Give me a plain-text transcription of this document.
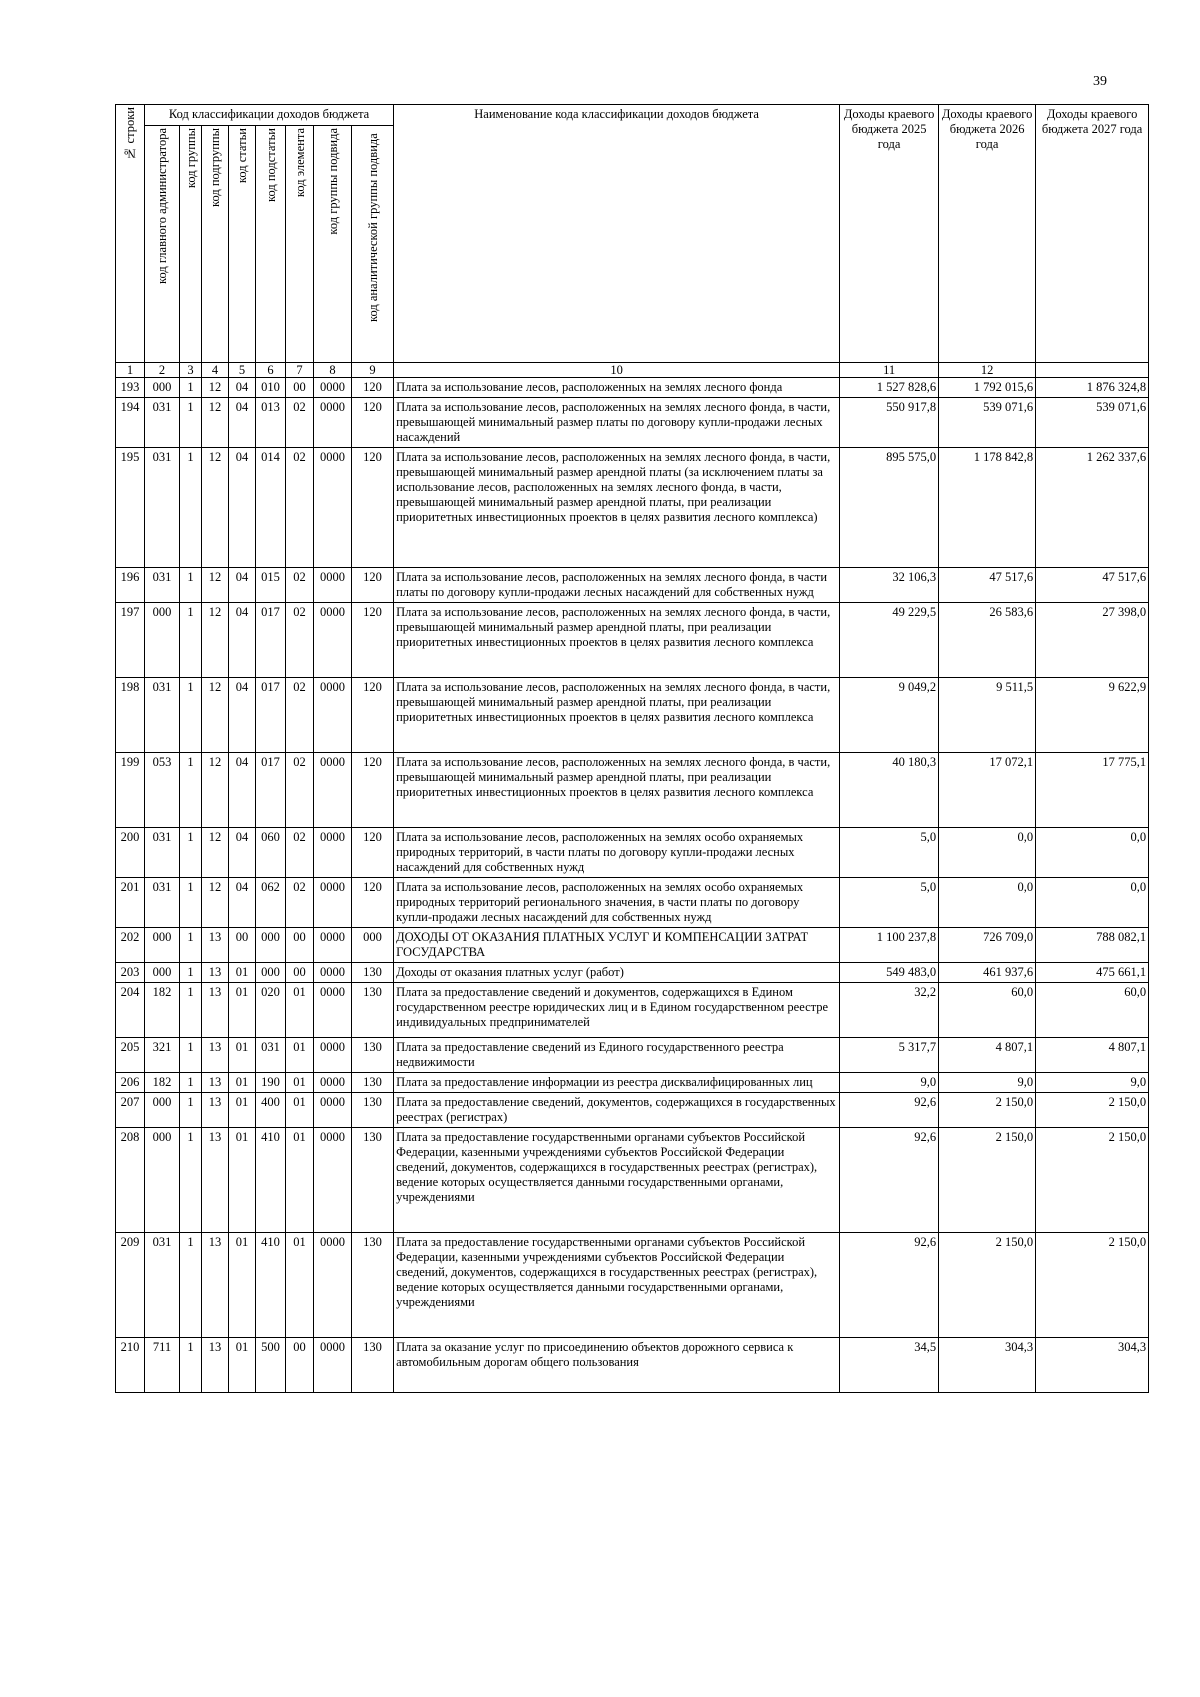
39
№ строки	Код классификации доходов бюджета								Наименование кода классификации доходов бюджета	Доходы краевого бюджета 2025 года	Доходы краевого бюджета 2026 года	Доходы краевого бюджета 2027 года

	код главного администратора	код группы	код подгруппы	код статьи	код подстатьи	код элемента	код группы подвида	код аналитической группы подвида				

1	2	3	4	5	6	7	8	9	10	11	12	
193	000	1	12	04	010	00	0000	120	Плата за использование лесов, расположенных на землях лесного фонда	1 527 828,6	1 792 015,6	1 876 324,8
194	031	1	12	04	013	02	0000	120	Плата за использование лесов, расположенных на землях лесного фонда, в части, превышающей минимальный размер платы по договору купли-продажи лесных насаждений	550 917,8	539 071,6	539 071,6
195	031	1	12	04	014	02	0000	120	Плата за использование лесов, расположенных на землях лесного фонда, в части, превышающей минимальный размер арендной платы (за исключением платы за использование лесов, расположенных на землях лесного фонда, в части, превышающей минимальный размер арендной платы, при реализации приоритетных инвестиционных проектов в целях развития лесного комплекса)	895 575,0	1 178 842,8	1 262 337,6
196	031	1	12	04	015	02	0000	120	Плата за использование лесов, расположенных на землях лесного фонда, в части платы по договору купли-продажи лесных насаждений для собственных нужд	32 106,3	47 517,6	47 517,6
197	000	1	12	04	017	02	0000	120	Плата за использование лесов, расположенных на землях лесного фонда, в части, превышающей минимальный размер арендной платы, при реализации приоритетных инвестиционных проектов в целях развития лесного комплекса	49 229,5	26 583,6	27 398,0
198	031	1	12	04	017	02	0000	120	Плата за использование лесов, расположенных на землях лесного фонда, в части, превышающей минимальный размер арендной платы, при реализации приоритетных инвестиционных проектов в целях развития лесного комплекса	9 049,2	9 511,5	9 622,9
199	053	1	12	04	017	02	0000	120	Плата за использование лесов, расположенных на землях лесного фонда, в части, превышающей минимальный размер арендной платы, при реализации приоритетных инвестиционных проектов в целях развития лесного комплекса	40 180,3	17 072,1	17 775,1
200	031	1	12	04	060	02	0000	120	Плата за использование лесов, расположенных на землях особо охраняемых природных территорий, в части платы по договору купли-продажи лесных насаждений для собственных нужд	5,0	0,0	0,0
201	031	1	12	04	062	02	0000	120	Плата за использование лесов, расположенных на землях особо охраняемых природных территорий регионального значения, в части платы по договору купли-продажи лесных насаждений для собственных нужд	5,0	0,0	0,0
202	000	1	13	00	000	00	0000	000	ДОХОДЫ ОТ ОКАЗАНИЯ ПЛАТНЫХ УСЛУГ И КОМПЕНСАЦИИ ЗАТРАТ ГОСУДАРСТВА	1 100 237,8	726 709,0	788 082,1
203	000	1	13	01	000	00	0000	130	Доходы от оказания платных услуг (работ)	549 483,0	461 937,6	475 661,1
204	182	1	13	01	020	01	0000	130	Плата за предоставление сведений и документов, содержащихся в Едином государственном реестре юридических лиц и в Едином государственном реестре индивидуальных предпринимателей	32,2	60,0	60,0
205	321	1	13	01	031	01	0000	130	Плата за предоставление сведений из Единого государственного реестра недвижимости	5 317,7	4 807,1	4 807,1
206	182	1	13	01	190	01	0000	130	Плата за предоставление информации из реестра дисквалифицированных лиц	9,0	9,0	9,0
207	000	1	13	01	400	01	0000	130	Плата за предоставление сведений, документов, содержащихся в государственных реестрах (регистрах)	92,6	2 150,0	2 150,0
208	000	1	13	01	410	01	0000	130	Плата за предоставление государственными органами субъектов Российской Федерации, казенными учреждениями субъектов Российской Федерации сведений, документов, содержащихся в государственных реестрах (регистрах), ведение которых осуществляется данными государственными органами, учреждениями	92,6	2 150,0	2 150,0
209	031	1	13	01	410	01	0000	130	Плата за предоставление государственными органами субъектов Российской Федерации, казенными учреждениями субъектов Российской Федерации сведений, документов, содержащихся в государственных реестрах (регистрах), ведение которых осуществляется данными государственными органами, учреждениями	92,6	2 150,0	2 150,0
210	711	1	13	01	500	00	0000	130	Плата за оказание услуг по присоединению объектов дорожного сервиса к автомобильным дорогам общего пользования	34,5	304,3	304,3
